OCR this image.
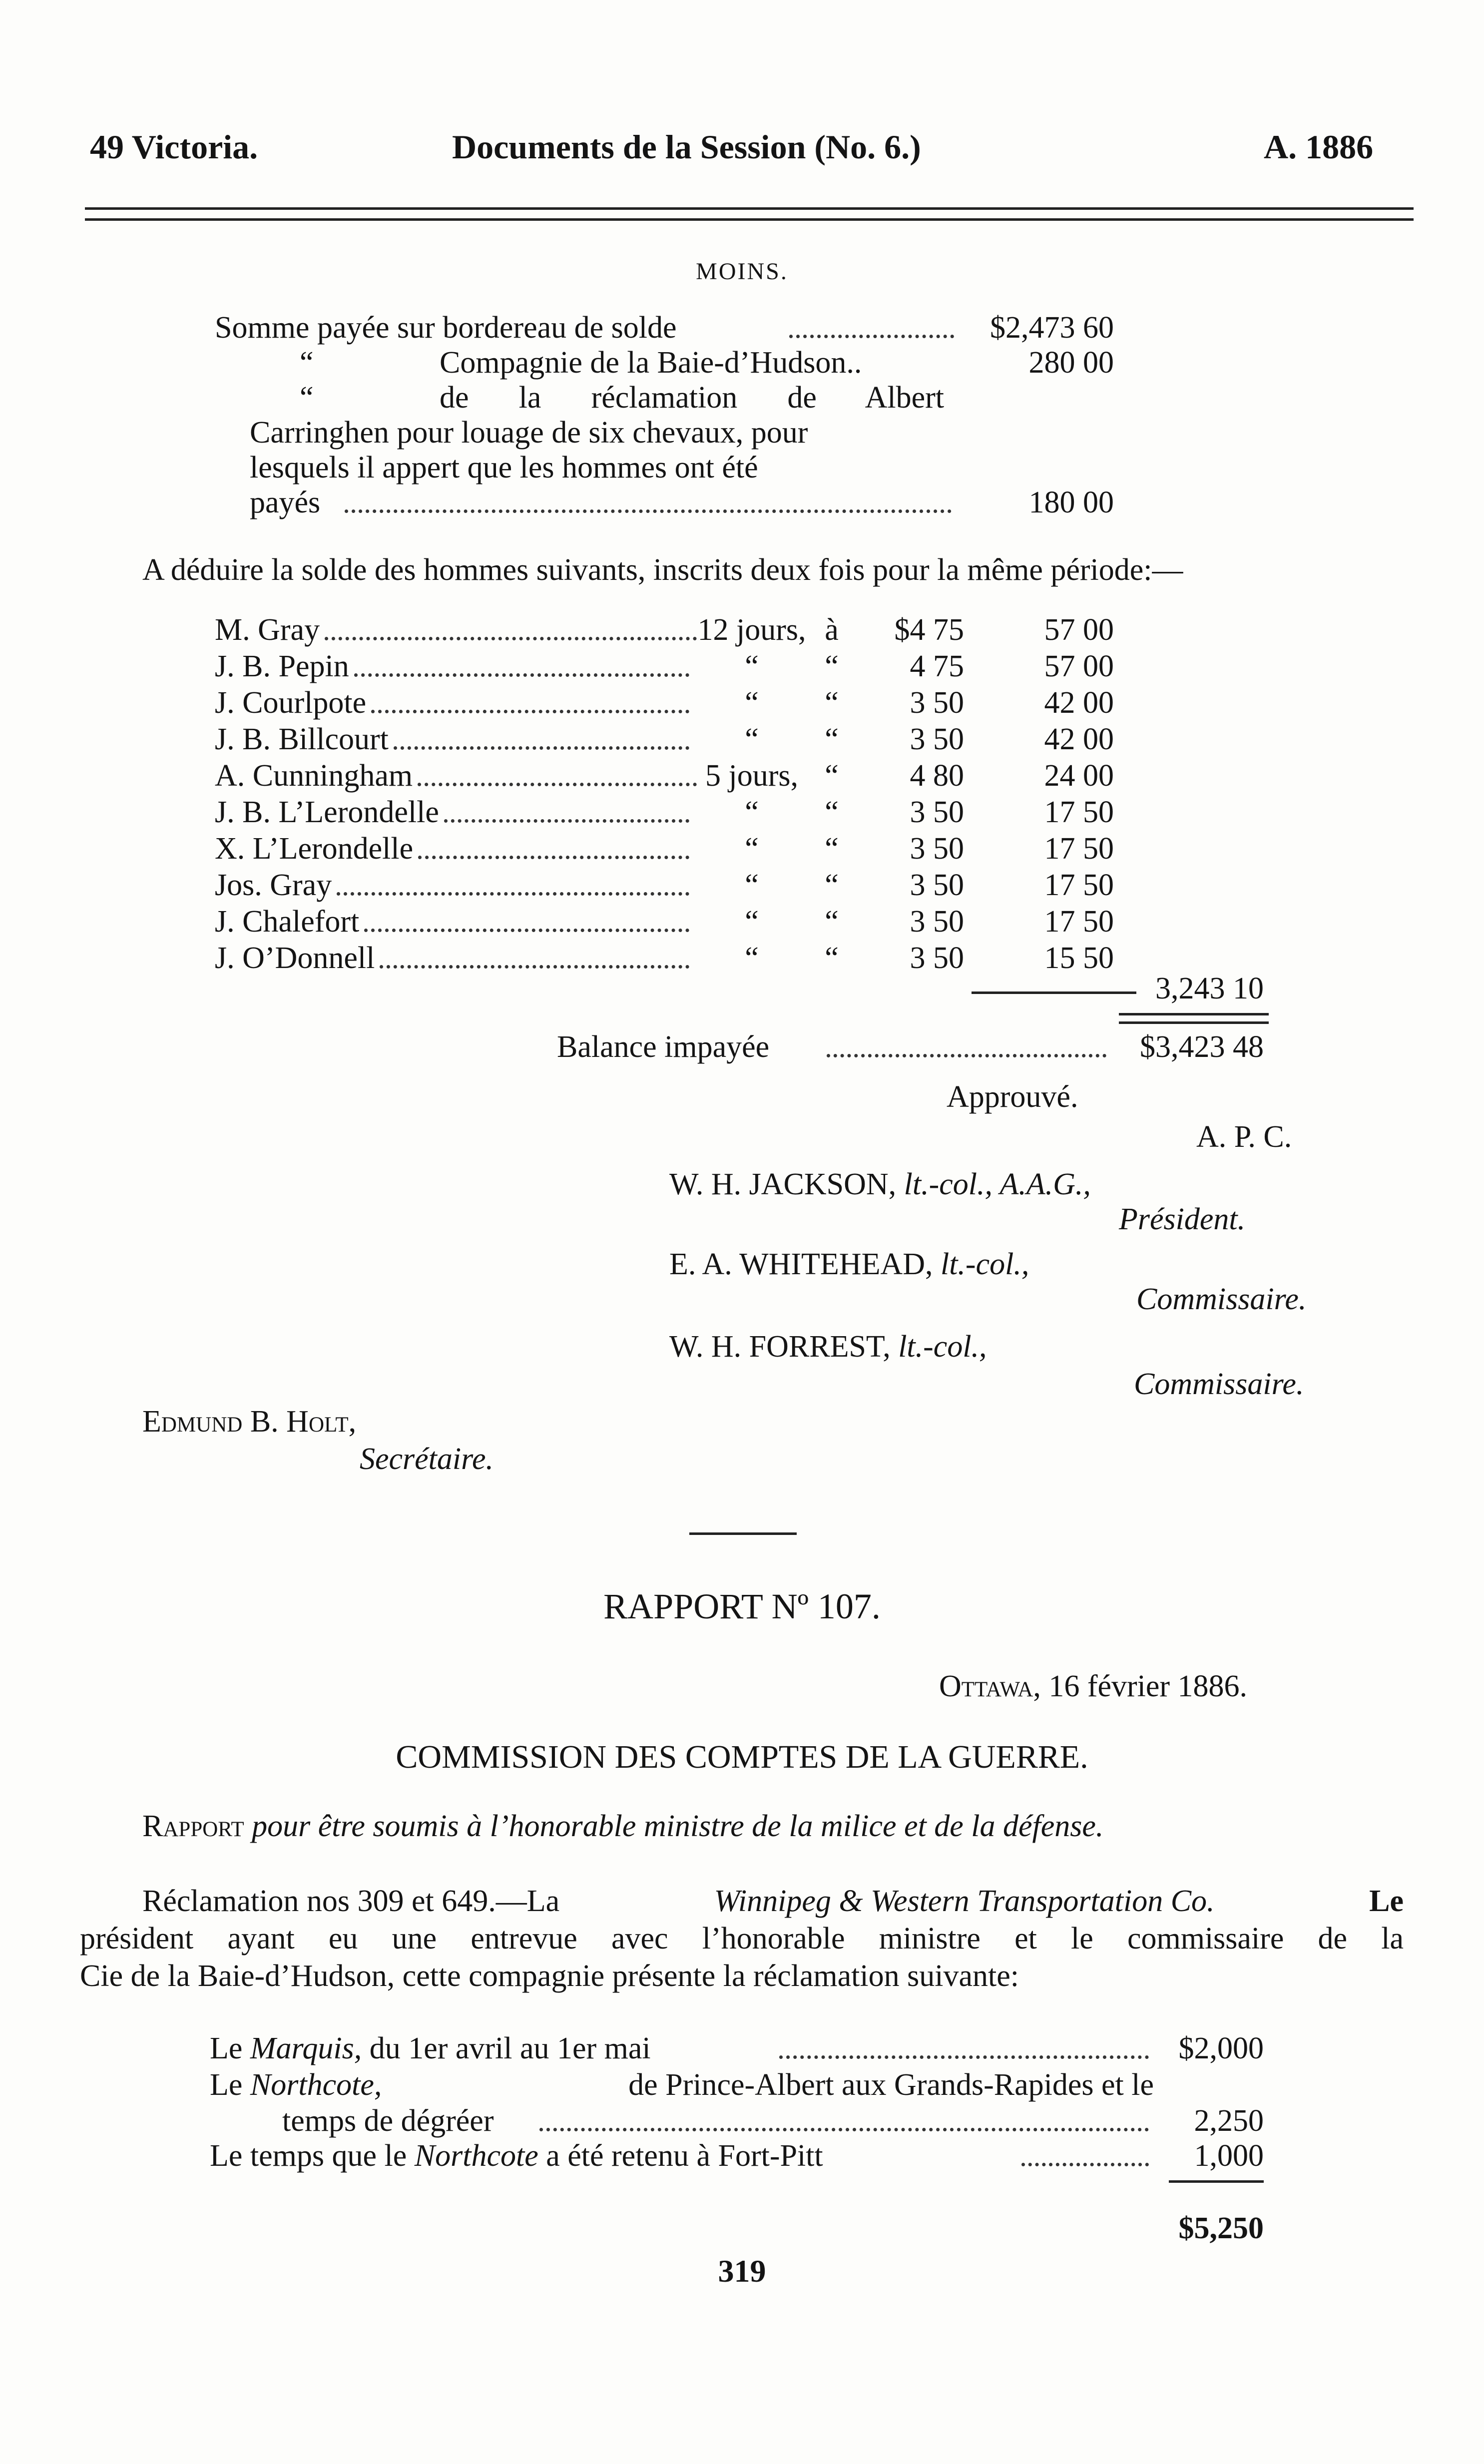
49 Victoria.	Documents de la Session (No. 6.)	A. 1886
MOINS.
Somme payée sur bordereau de solde	$2,473 60
“	Compagnie de la Baie-d’Hudson..	280 00
“	de la réclamation de Albert
Carringhen pour louage de six chevaux, pour
lesquels il appert que les hommes ont été
payés	180 00
A déduire la solde des hommes suivants, inscrits deux fois pour la même période:—
M. Gray	12 jours, à	$4 75	57 00
J. B. Pepin	“	“	4 75	57 00
J. Courlpote	“	“	3 50	42 00
J. B. Billcourt	“	“	3 50	42 00
A. Cunningham	5 jours, “	4 80	24 00
J. B. L’Lerondelle	“	“	3 50	17 50
X. L’Lerondelle	“	“	3 50	17 50
Jos. Gray	“	“	3 50	17 50
J. Chalefort	“	“	3 50	17 50
J. O’Donnell	“	“	3 50	15 50
3,243 10
Balance impayée	$3,423 48
Approuvé.
A. P. C.
W. H. JACKSON, lt.-col., A.A.G.,
Président.
E. A. WHITEHEAD, lt.-col.,
Commissaire.
W. H. FORREST, lt.-col.,
Commissaire.
Edmund B. Holt,
Secrétaire.
RAPPORT Nº 107.
Ottawa, 16 février 1886.
COMMISSION DES COMPTES DE LA GUERRE.
Rapport pour être soumis à l’honorable ministre de la milice et de la défense.
Réclamation nos 309 et 649.—La	Winnipeg & Western Transportation Co.	Le
président ayant eu une entrevue avec l’honorable ministre et le commissaire de la
Cie de la Baie-d’Hudson, cette compagnie présente la réclamation suivante:
Le Marquis, du 1er avril au 1er mai	$2,000
Le Northcote,	de Prince-Albert aux Grands-Rapides et le
temps de dégréer	2,250
Le temps que le Northcote a été retenu à Fort-Pitt	1,000
$5,250
319
